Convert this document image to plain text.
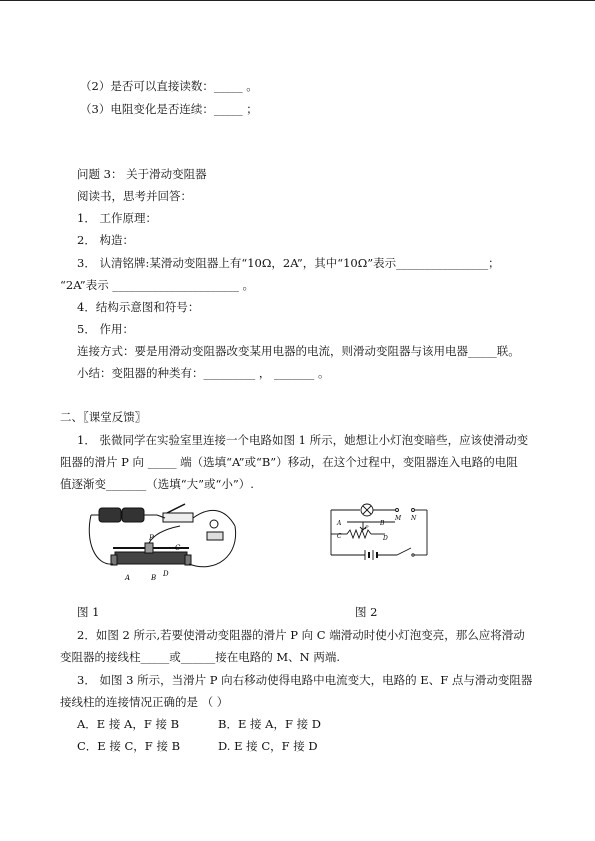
（2）是否可以直接读数：_____ 。
（3）电阻变化是否连续：_____ ；
问题 3： 关于滑动变阻器
阅读书，思考并回答：
1． 工作原理：
2． 构造：
3． 认清铭牌:某滑动变阻器上有“10Ω，2A”，其中“10Ω”表示________________；
“2A”表示 ______________________ 。
4．结构示意图和符号：
5． 作用：
连接方式：要是用滑动变阻器改变某用电器的电流，则滑动变阻器与该用电器_____联。
小结：变阻器的种类有：_________ ， _______ 。
二、〖课堂反馈〗
1． 张微同学在实验室里连接一个电路如图 1 所示，她想让小灯泡变暗些，应该使滑动变
阻器的滑片 P 向 _____ 端（选填“A”或“B”）移动，在这个过程中，变阻器连入电路的电阻
值逐渐变_______（选填“大”或“小”）.
P
A	B D
C
M N
P
A	B
C	D
图 1	图 2
2．如图 2 所示,若要使滑动变阻器的滑片 P 向 C 端滑动时使小灯泡变亮，那么应将滑动
变阻器的接线柱_____或______接在电路的 M、N 两端.
3． 如图 3 所示，当滑片 P 向右移动使得电路中电流变大，电路的 E、F 点与滑动变阻器
接线柱的连接情况正确的是 （ ）
A．E 接 A，F 接 B	B．E 接 A，F 接 D
C．E 接 C，F 接 B	D. E 接 C，F 接 D
